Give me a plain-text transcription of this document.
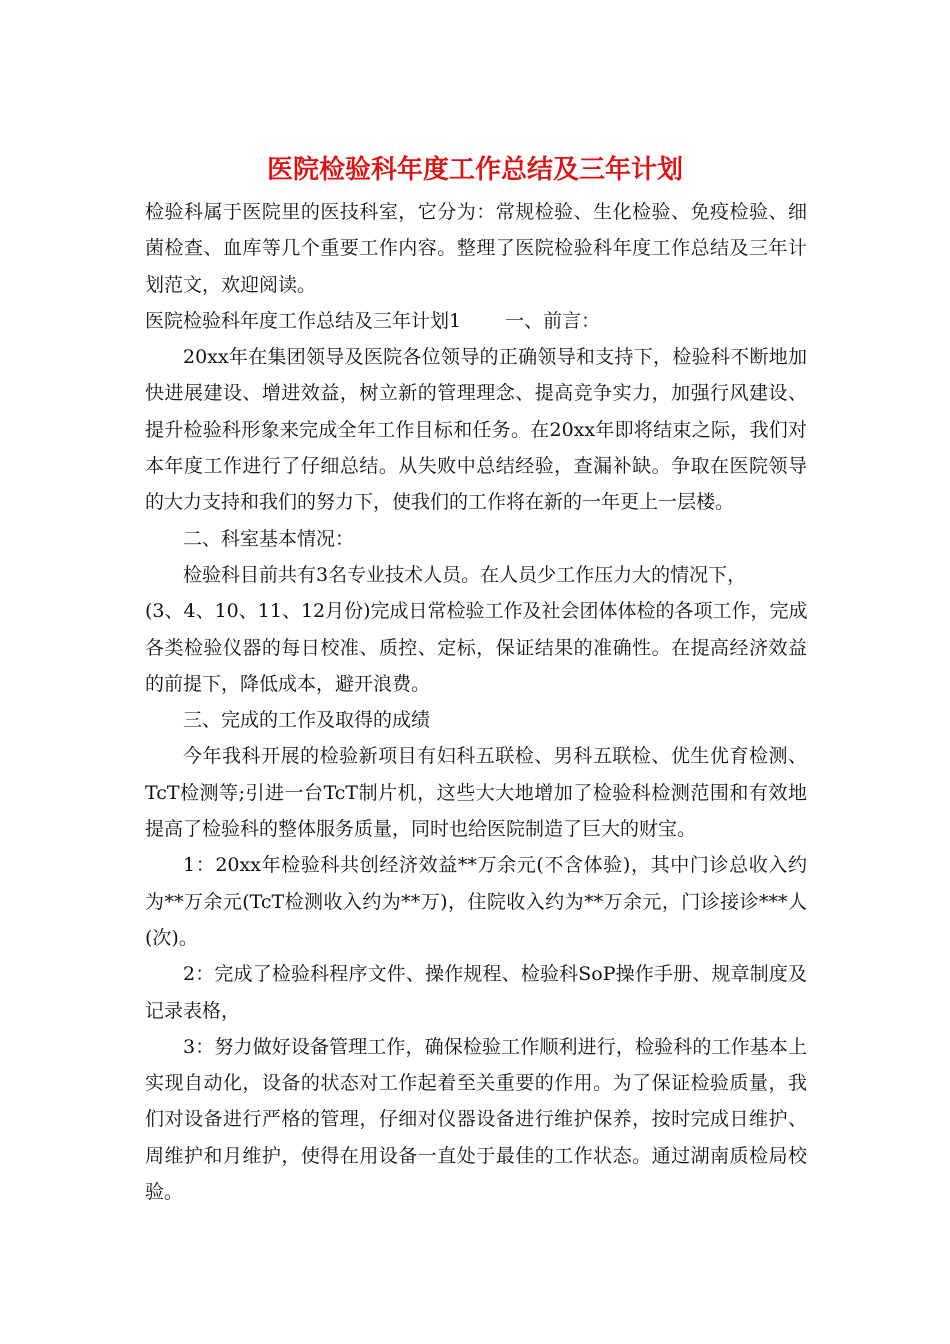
医院检验科年度工作总结及三年计划
检验科属于医院里的医技科室，它分为：常规检验、生化检验、免疫检验、细
菌检查、血库等几个重要工作内容。整理了医院检验科年度工作总结及三年计
划范文，欢迎阅读。
医院检验科年度工作总结及三年计划1　　 一、前言：
20xx年在集团领导及医院各位领导的正确领导和支持下，检验科不断地加
快进展建设、增进效益，树立新的管理理念、提高竞争实力，加强行风建设、
提升检验科形象来完成全年工作目标和任务。在20xx年即将结束之际，我们对
本年度工作进行了仔细总结。从失败中总结经验，查漏补缺。争取在医院领导
的大力支持和我们的努力下，使我们的工作将在新的一年更上一层楼。
二、科室基本情况：
检验科目前共有3名专业技术人员。在人员少工作压力大的情况下，
(3、4、10、11、12月份)完成日常检验工作及社会团体体检的各项工作，完成
各类检验仪器的每日校准、质控、定标，保证结果的准确性。在提高经济效益
的前提下，降低成本，避开浪费。
三、完成的工作及取得的成绩
今年我科开展的检验新项目有妇科五联检、男科五联检、优生优育检测、
TcT检测等;引进一台TcT制片机，这些大大地增加了检验科检测范围和有效地
提高了检验科的整体服务质量，同时也给医院制造了巨大的财宝。
1：20xx年检验科共创经济效益**万余元(不含体验)，其中门诊总收入约
为**万余元(TcT检测收入约为**万)，住院收入约为**万余元，门诊接诊***人
(次)。
2：完成了检验科程序文件、操作规程、检验科SoP操作手册、规章制度及
记录表格，
3：努力做好设备管理工作，确保检验工作顺利进行，检验科的工作基本上
实现自动化，设备的状态对工作起着至关重要的作用。为了保证检验质量，我
们对设备进行严格的管理，仔细对仪器设备进行维护保养，按时完成日维护、
周维护和月维护，使得在用设备一直处于最佳的工作状态。通过湖南质检局校
验。
